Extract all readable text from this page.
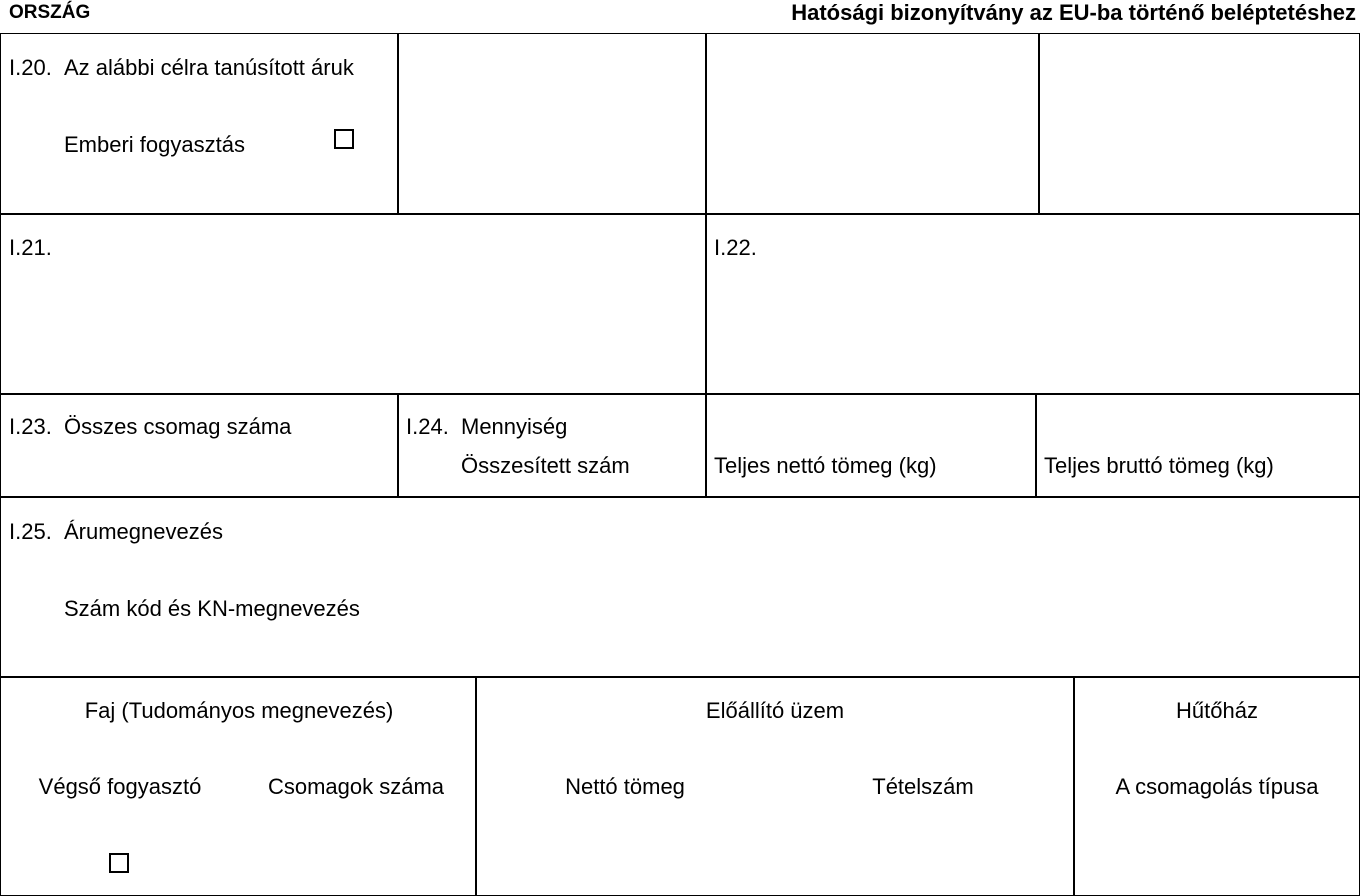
ORSZÁG	Hatósági bizonyítvány az EU-ba történő beléptetéshez
I.20. Az alábbi célra tanúsított áruk
Emberi fogyasztás
I.21.	I.22.
I.23. Összes csomag száma	I.24. Mennyiség
Összesített szám	Teljes nettó tömeg (kg)	Teljes bruttó tömeg (kg)
I.25. Árumegnevezés
Szám kód és KN-megnevezés
Faj (Tudományos megnevezés)
Végső fogyasztó	Csomagok száma
Előállító üzem
Nettó tömeg	Tételszám
Hűtőház
A csomagolás típusa
